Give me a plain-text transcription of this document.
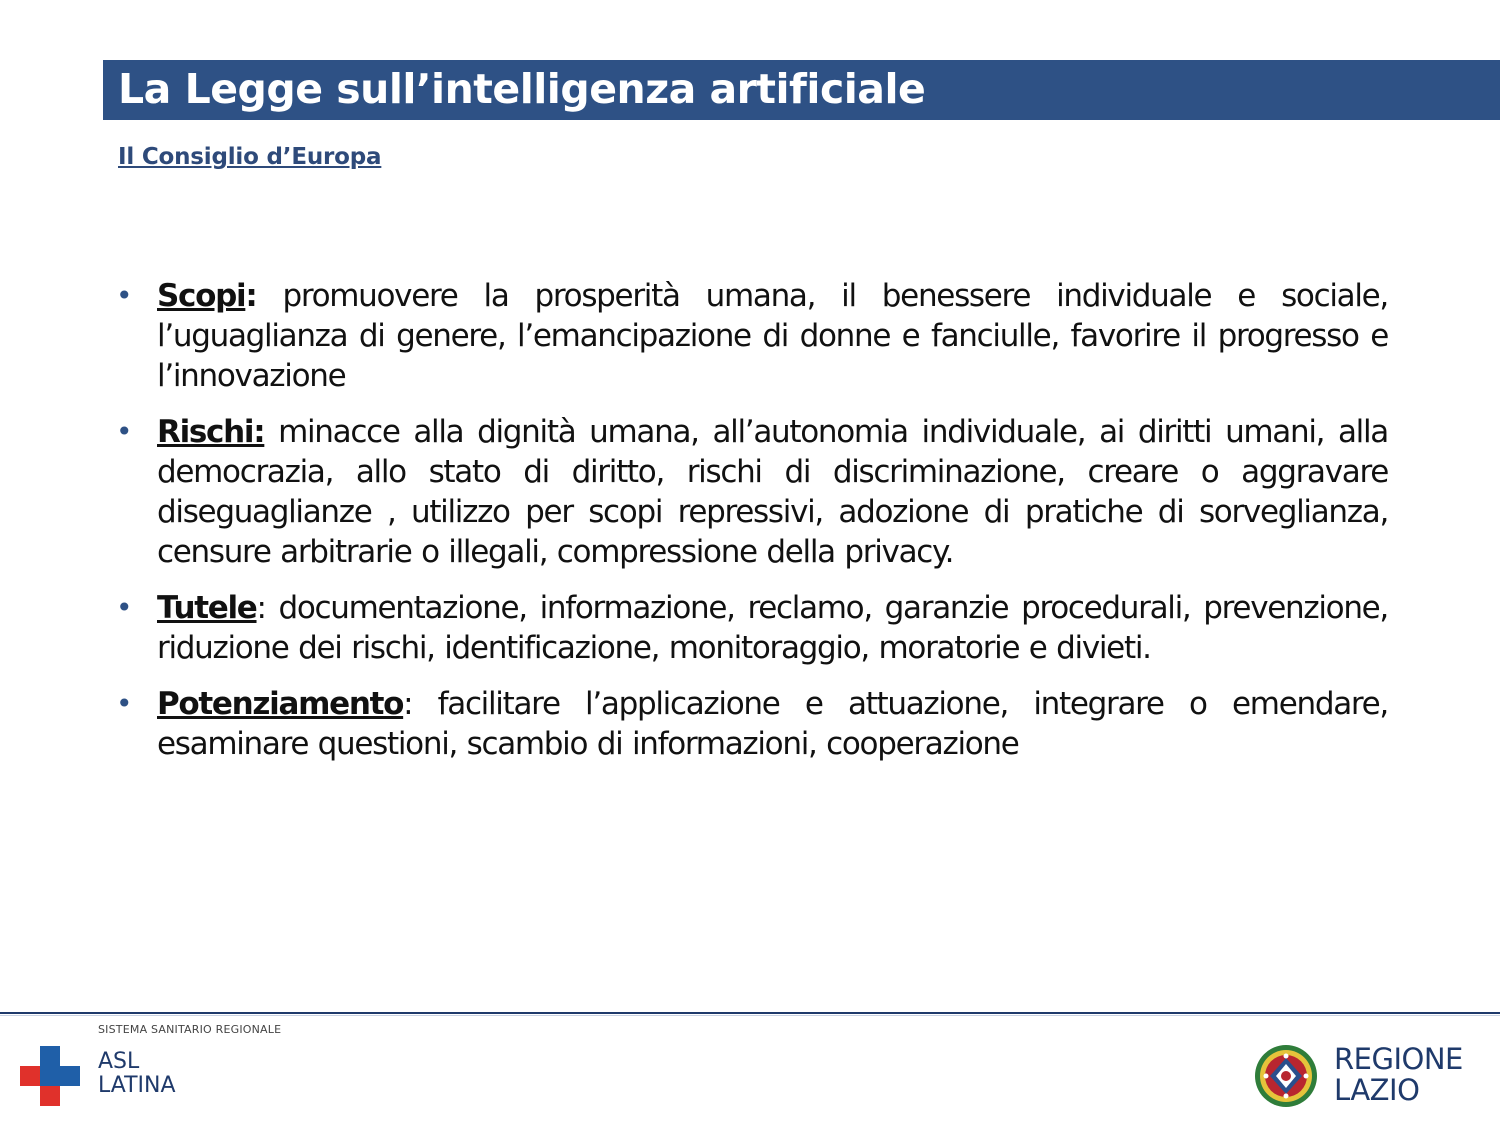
La Legge sull’intelligenza artificiale
Il Consiglio d’Europa
• Scopi: promuovere la prosperità umana, il benessere individuale e sociale, l’uguaglianza di genere, l’emancipazione di donne e fanciulle, favorire il progresso e l’innovazione
• Rischi: minacce alla dignità umana, all’autonomia individuale, ai diritti umani, alla democrazia, allo stato di diritto, rischi di discriminazione, creare o aggravare diseguaglianze , utilizzo per scopi repressivi, adozione di pratiche di sorveglianza, censure arbitrarie o illegali, compressione della privacy.
• Tutele: documentazione, informazione, reclamo, garanzie procedurali, prevenzione, riduzione dei rischi, identificazione, monitoraggio, moratorie e divieti.
• Potenziamento: facilitare l’applicazione e attuazione, integrare o emendare, esaminare questioni, scambio di informazioni, cooperazione
SISTEMA SANITARIO REGIONALE
ASL
LATINA
REGIONE
LAZIO
